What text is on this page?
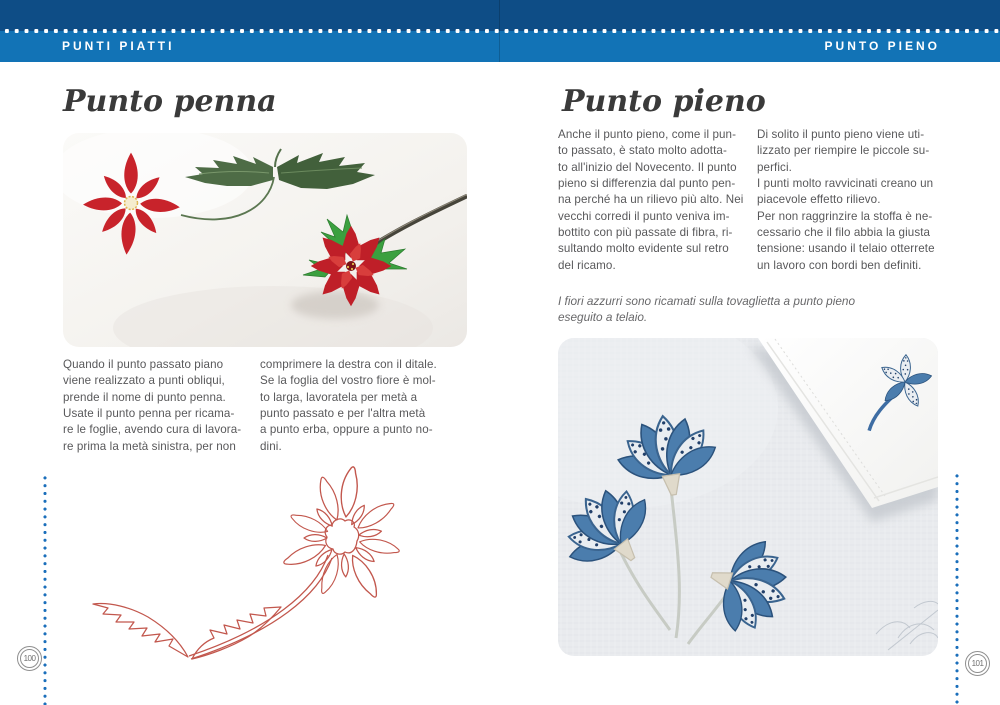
PUNTI PIATTI	PUNTO PIENO
Punto penna
Quando il punto passato piano
viene realizzato a punti obliqui,
prende il nome di punto penna.
Usate il punto penna per ricama-
re le foglie, avendo cura di lavora-
re prima la metà sinistra, per non
comprimere la destra con il ditale.
Se la foglia del vostro fiore è mol-
to larga, lavoratela per metà a
punto passato e per l'altra metà
a punto erba, oppure a punto no-
dini.
Punto pieno
Anche il punto pieno, come il pun-
to passato, è stato molto adotta-
to all'inizio del Novecento. Il punto
pieno si differenzia dal punto pen-
na perché ha un rilievo più alto. Nei
vecchi corredi il punto veniva im-
bottito con più passate di fibra, ri-
sultando molto evidente sul retro
del ricamo.
Di solito il punto pieno viene uti-
lizzato per riempire le piccole su-
perfici.
I punti molto ravvicinati creano un
piacevole effetto rilievo.
Per non raggrinzire la stoffa è ne-
cessario che il filo abbia la giusta
tensione: usando il telaio otterrete
un lavoro con bordi ben definiti.
I fiori azzurri sono ricamati sulla tovaglietta a punto pieno
eseguito a telaio.
100
101
